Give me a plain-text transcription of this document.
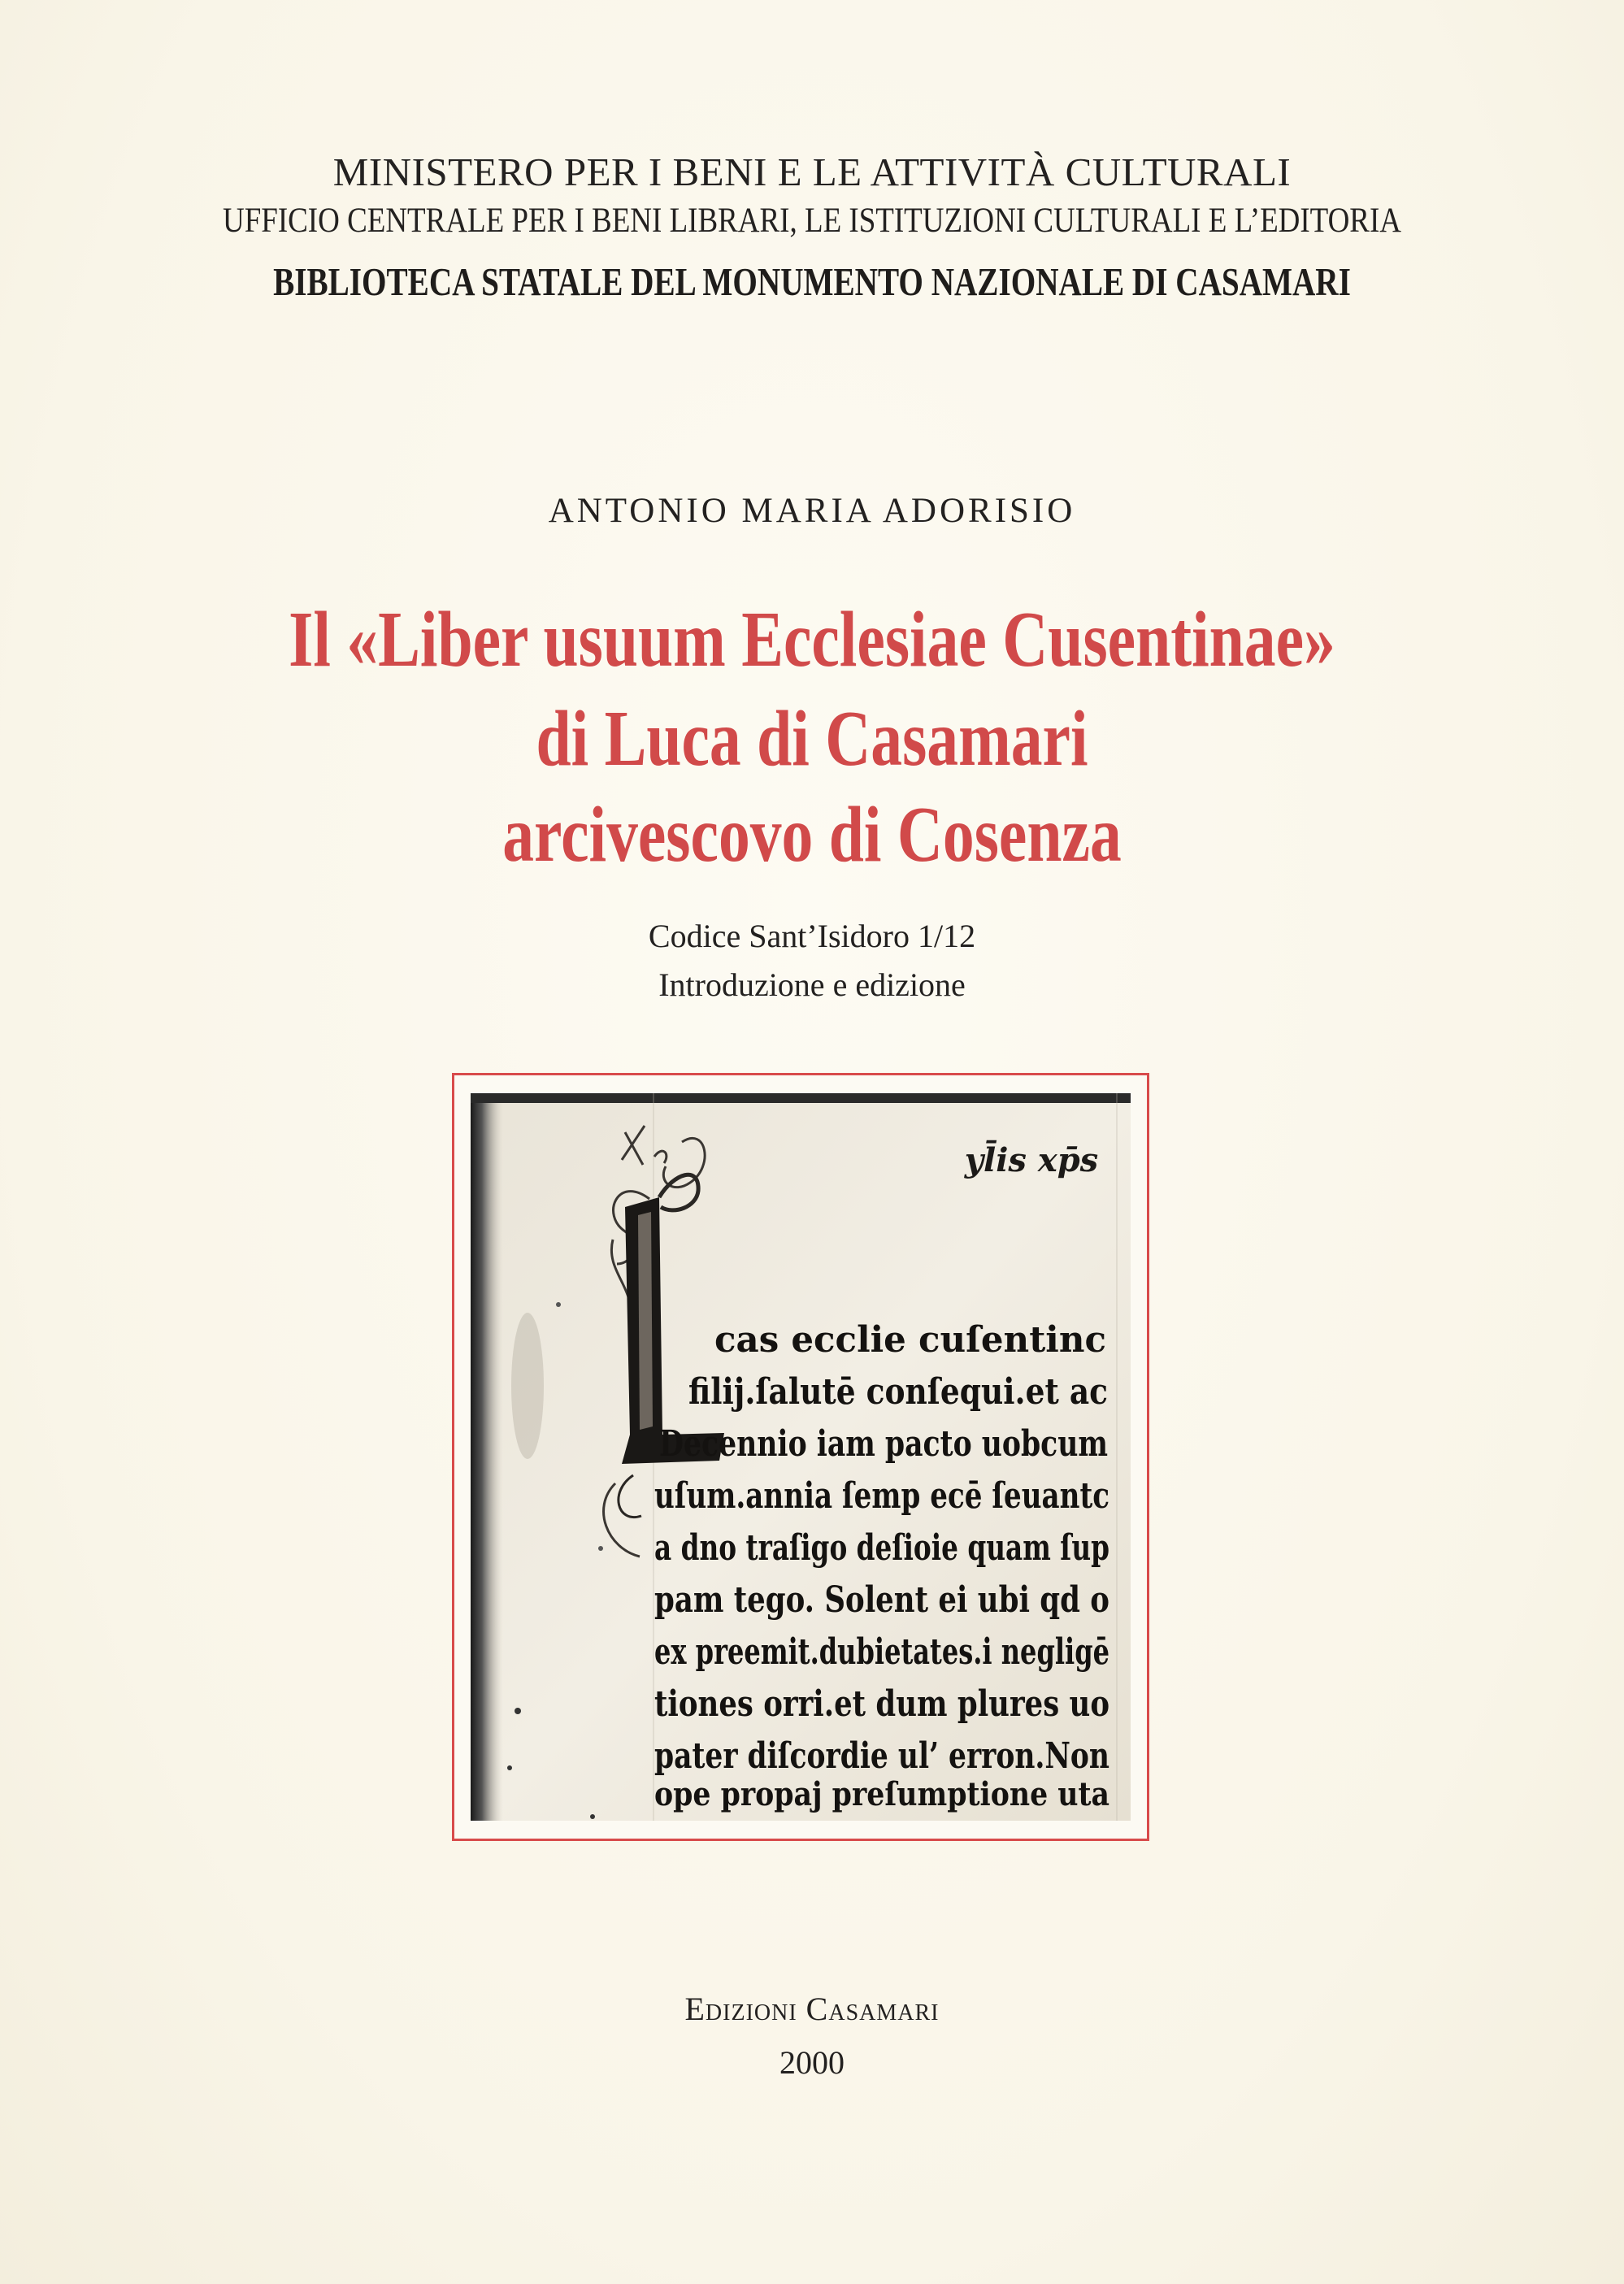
MINISTERO PER I BENI E LE ATTIVITÀ CULTURALI

UFFICIO CENTRALE PER I BENI LIBRARI, LE ISTITUZIONI CULTURALI E L’EDITORIA

BIBLIOTECA STATALE DEL MONUMENTO NAZIONALE DI CASAMARI

ANTONIO MARIA ADORISIO

Il «Liber usuum Ecclesiae Cusentinae»

di Luca di Casamari

arcivescovo di Cosenza

Codice Sant’Isidoro 1/12

Introduzione e edizione

yl̄is xp̄s
cas ecclie cuſentinc
filij.ſalutē conſequi.et ac
Decennio iam pacto uobcum
uſum.annia ſemp ecē ſeuantc
a dno traſigo deſioie quam ſup
pam tego. Solent ei ubi qd o
ex preemit.dubietates.i negligē
tiones orri.et dum plures uo
pater diſcordie ul’ erron.Non
ope propaj preſumptione uta

Edizioni Casamari

2000
